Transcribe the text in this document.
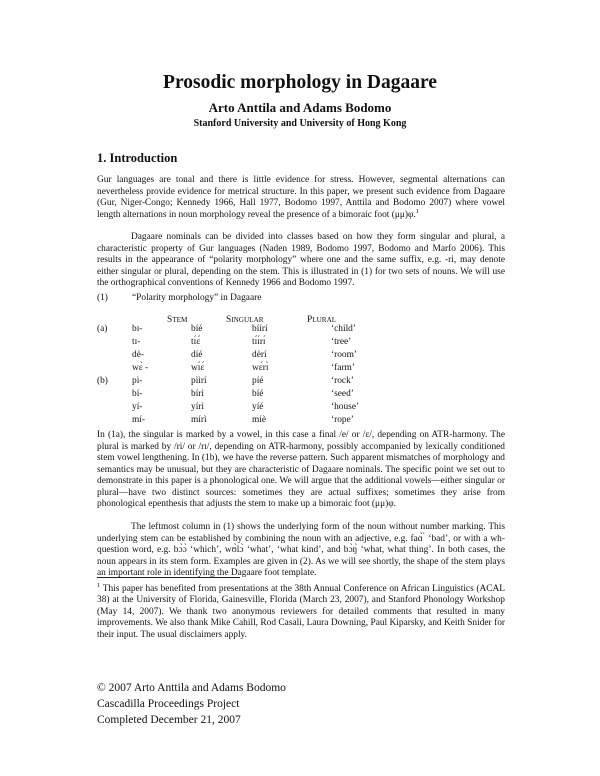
Prosodic morphology in Dagaare
Arto Anttila and Adams Bodomo
Stanford University and University of Hong Kong
1. Introduction

Gur languages are tonal and there is little evidence for stress. However, segmental alternations can nevertheless provide evidence for metrical structure. In this paper, we present such evidence from Dagaare (Gur, Niger-Congo; Kennedy 1966, Hall 1977, Bodomo 1997, Anttila and Bodomo 2007) where vowel length alternations in noun morphology reveal the presence of a bimoraic foot (μμ)φ.$^1$

Dagaare nominals can be divided into classes based on how they form singular and plural, a characteristic property of Gur languages (Naden 1989, Bodomo 1997, Bodomo and Marfo 2006). This results in the appearance of “polarity morphology” where one and the same suffix, e.g. -ri, may denote either singular or plural, depending on the stem. This is illustrated in (1) for two sets of nouns. We will use the orthographical conventions of Kennedy 1966 and Bodomo 1997.

(1)	“Polarity morphology” in Dagaare
STEM	SINGULAR	PLURAL
(a)	bɪ-	bíé	bíírí	‘child’
	tɪ-	tɪ́ɛ́	tɪ́ɪ́rɪ́	‘tree’
	dè-	díé	dèrí	‘room’
	wɛ̀ -	wɪ́ɛ́	wɛ́rɪ̀	‘farm’
(b)	pì-	pììrí	píé	‘rock’
	bí-	bírì	bíé	‘seed’
	yí-	yírì	yíé	‘house’
	mí-	mírì	míè	‘rope’

In (1a), the singular is marked by a vowel, in this case a final /e/ or /ɛ/, depending on ATR-harmony. The plural is marked by /ri/ or /rɪ/, depending on ATR-harmony, possibly accompanied by lexically conditioned stem vowel lengthening. In (1b), we have the reverse pattern. Such apparent mismatches of morphology and semantics may be unusual, but they are characteristic of Dagaare nominals. The specific point we set out to demonstrate in this paper is a phonological one. We will argue that the additional vowels—either singular or plural—have two distinct sources: sometimes they are actual suffixes; sometimes they arise from phonological epenthesis that adjusts the stem to make up a bimoraic foot (μμ)φ.

The leftmost column in (1) shows the underlying form of the noun without number marking. This underlying stem can be established by combining the noun with an adjective, e.g. faɑ̀ ̀ ‘bad’, or with a wh-question word, e.g. bɔ̀ɔ̀ ‘which’, wʊ̀lɔ̀ ‘what’, ‘what kind’, and bɔ̀ŋ̀ ‘what, what thing’. In both cases, the noun appears in its stem form. Examples are given in (2). As we will see shortly, the shape of the stem plays an important role in identifying the Dagaare foot template.

$^1$ This paper has benefited from presentations at the 38th Annual Conference on African Linguistics (ACAL 38) at the University of Florida, Gainesville, Florida (March 23, 2007), and Stanford Phonology Workshop (May 14, 2007). We thank two anonymous reviewers for detailed comments that resulted in many improvements. We also thank Mike Cahill, Rod Casali, Laura Downing, Paul Kiparsky, and Keith Snider for their input. The usual disclaimers apply.

© 2007 Arto Anttila and Adams Bodomo
Cascadilla Proceedings Project
Completed December 21, 2007
